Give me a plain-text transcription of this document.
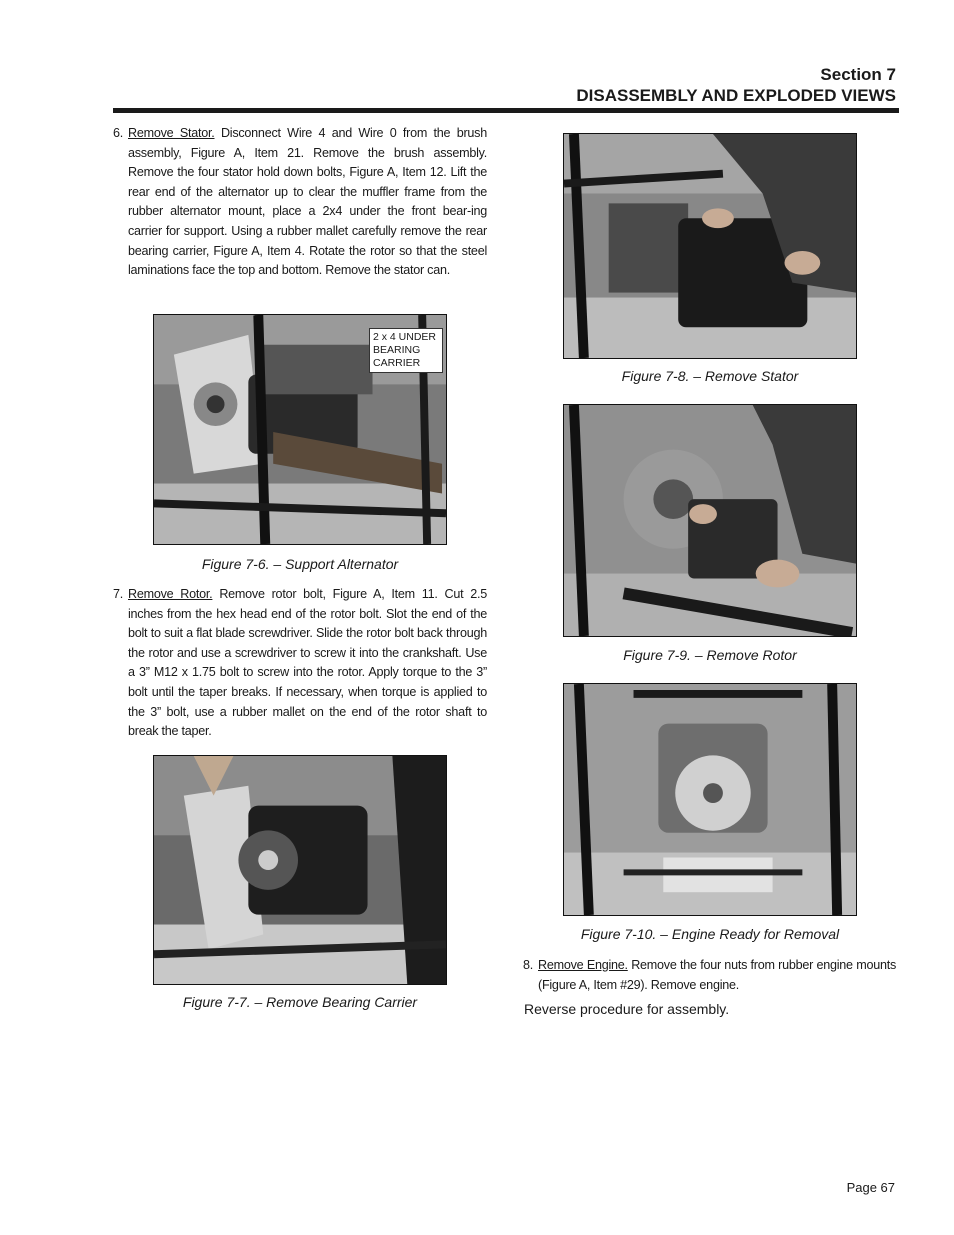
Section 7
DISASSEMBLY AND EXPLODED VIEWS
6. Remove Stator. Disconnect Wire 4 and Wire 0 from the brush assembly, Figure A, Item 21. Remove the brush assembly. Remove the four stator hold down bolts, Figure A, Item 12. Lift the rear end of the alternator up to clear the muffler frame from the rubber alternator mount, place a 2x4 under the front bear-ing carrier for support. Using a rubber mallet carefully remove the rear bearing carrier, Figure A, Item 4. Rotate the rotor so that the steel laminations face the top and bottom. Remove the stator can.
2 x 4 UNDER BEARING CARRIER
Figure 7-6. – Support Alternator
7. Remove Rotor. Remove rotor bolt, Figure A, Item 11. Cut 2.5 inches from the hex head end of the rotor bolt. Slot the end of the bolt to suit a flat blade screwdriver. Slide the rotor bolt back through the rotor and use a screwdriver to screw it into the crankshaft. Use a 3” M12 x 1.75 bolt to screw into the rotor. Apply torque to the 3” bolt until the taper breaks. If necessary, when torque is applied to the 3” bolt, use a rubber mallet on the end of the rotor shaft to break the taper.
Figure 7-7. – Remove Bearing Carrier
Figure 7-8. – Remove Stator
Figure 7-9. – Remove Rotor
Figure 7-10. – Engine Ready for Removal
8. Remove Engine. Remove the four nuts from rubber engine mounts (Figure A, Item #29). Remove engine.
Reverse procedure for assembly.
Page 67
